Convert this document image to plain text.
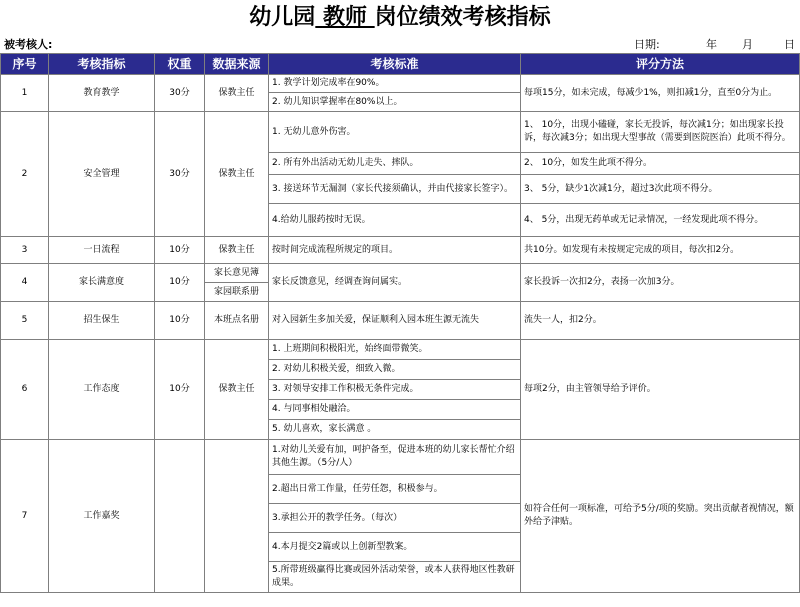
幼儿园 教师 岗位绩效考核指标
被考核人:	日期:	年 月	日
序号	考核指标	权重	数据来源	考核标准	评分方法
1	教育教学	30分	保教主任	1. 教学计划完成率在90%。	每项15分，如未完成，每减少1%，则扣减1分，直至0分为止。
				2. 幼儿知识掌握率在80%以上。	
2	安全管理	30分	保教主任	1. 无幼儿意外伤害。	1、 10分，出现小磕碰，家长无投诉，每次减1分；如出现家长投诉，每次减3分；如出现大型事故（需要到医院医治）此项不得分。
				2. 所有外出活动无幼儿走失、摔队。	2、 10分，如发生此项不得分。
				3. 接送环节无漏洞（家长代接须确认，并由代接家长签字）。	3、 5分，缺少1次减1分，超过3次此项不得分。
				4.给幼儿服药按时无误。	4、 5分，出现无药单或无记录情况，一经发现此项不得分。
3	一日流程	10分	保教主任	按时间完成流程所规定的项目。	共10分。如发现有未按规定完成的项目，每次扣2分。
4	家长满意度	10分	家长意见簿	家长反馈意见，经调查询问属实。	家长投诉一次扣2分，表扬一次加3分。
			家园联系册		
5	招生保生	10分	本班点名册	对入园新生多加关爱，保证顺利入园本班生源无流失	流失一人，扣2分。
6	工作态度	10分	保教主任	1. 上班期间积极阳光，始终面带微笑。	每项2分，由主管领导给予评价。
				2. 对幼儿积极关爱，细致入微。	
				3. 对领导安排工作积极无条件完成。	
				4. 与同事相处融洽。	
				5. 幼儿喜欢，家长满意 。	
7	工作嘉奖			1.对幼儿关爱有加，呵护备至，促进本班的幼儿家长帮忙介绍其他生源。（5分/人）	如符合任何一项标准，可给予5分/项的奖励。突出贡献者视情况，额外给予津贴。
				2.超出日常工作量，任劳任怨，积极参与。	
				3.承担公开的教学任务。（每次）	
				4.本月提交2篇或以上创新型教案。	
				5.所带班级赢得比赛或园外活动荣誉，或本人获得地区性教研成果。	
